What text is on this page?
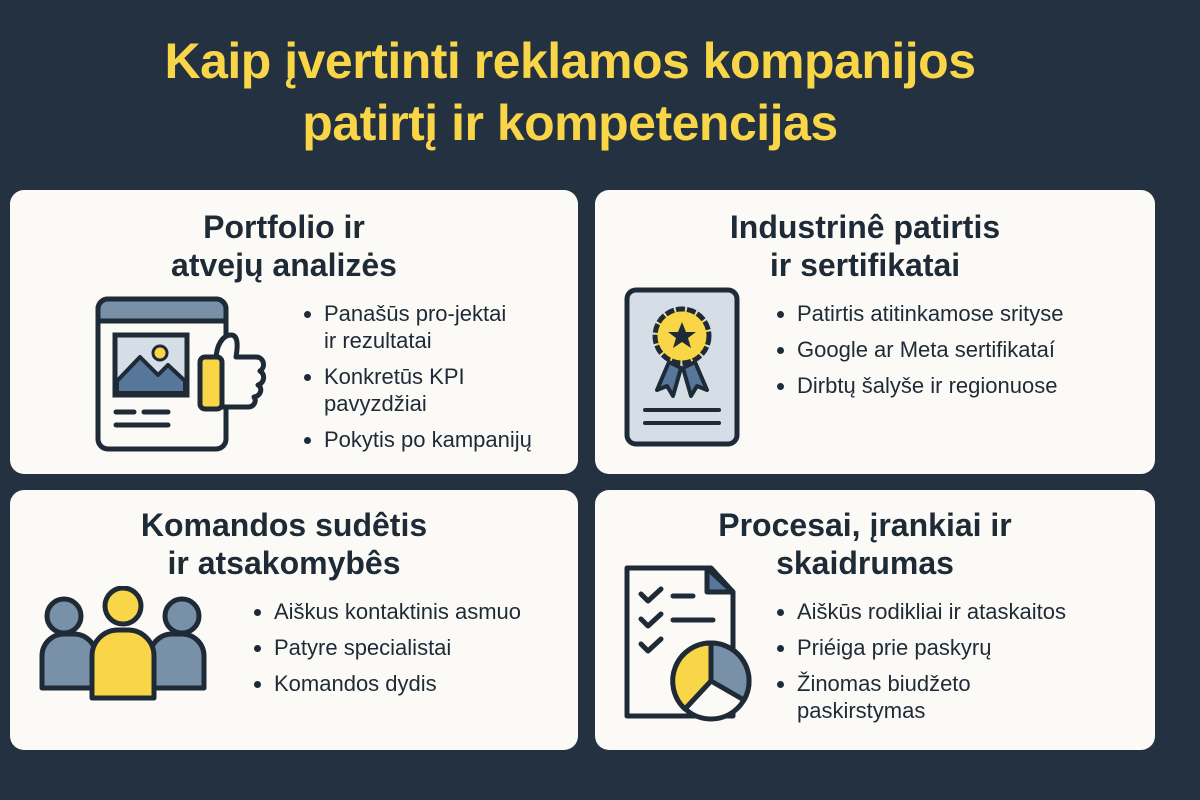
Kaip įvertinti reklamos kompanijos
patirtį ir kompetencijas
Portfolio ir
atvejų analizės
Panašūs pro-jektai
ir rezultatai
Konkretūs KPI
pavyzdžiai
Pokytis po kampanijų
Industrinê patirtis
ir sertifikatai
Patirtis atitinkamose srityse
Google ar Meta sertifikataí
Dirbtų šalyše ir regionuose
Komandos sudêtis
ir atsakomybês
Aiškus kontaktinis asmuo
Patyre specialistai
Komandos dydis
Procesai, įrankiai ir
skaidrumas
Aiškūs rodikliai ir ataskaitos
Priéiga prie paskyrų
Žinomas biudžeto
paskirstymas
